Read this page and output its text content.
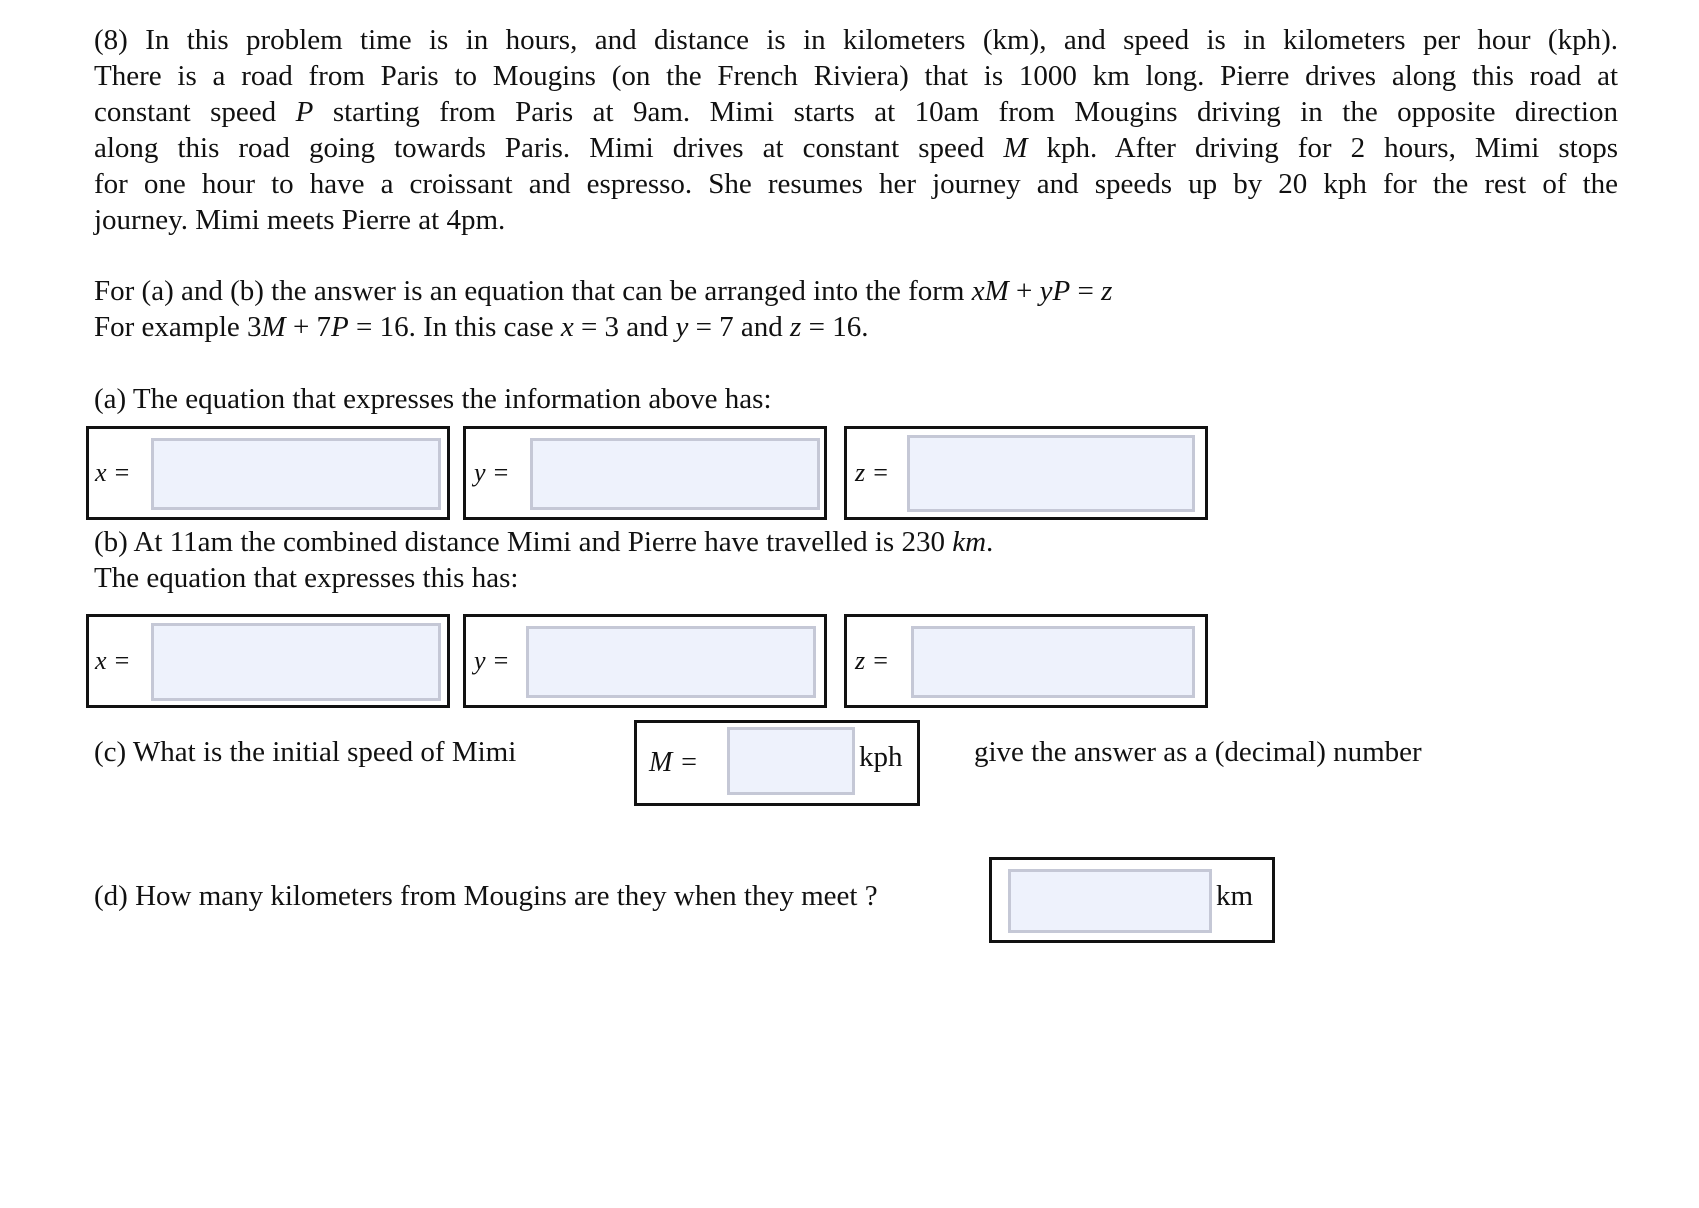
(8) In this problem time is in hours, and distance is in kilometers (km), and speed is in kilometers per hour (kph).
There is a road from Paris to Mougins (on the French Riviera) that is 1000 km long. Pierre drives along this road at
constant speed P starting from Paris at 9am. Mimi starts at 10am from Mougins driving in the opposite direction
along this road going towards Paris. Mimi drives at constant speed M kph. After driving for 2 hours, Mimi stops
for one hour to have a croissant and espresso. She resumes her journey and speeds up by 20 kph for the rest of the
journey. Mimi meets Pierre at 4pm.
For (a) and (b) the answer is an equation that can be arranged into the form xM + yP = z
For example 3M + 7P = 16. In this case x = 3 and y = 7 and z = 16.
(a) The equation that expresses the information above has:
x =	y =	z =
(b) At 11am the combined distance Mimi and Pierre have travelled is 230 km.
The equation that expresses this has:
x =	y =	z =
(c) What is the initial speed of Mimi	M =	kph give the answer as a (decimal) number
(d) How many kilometers from Mougins are they when they meet ?	km
